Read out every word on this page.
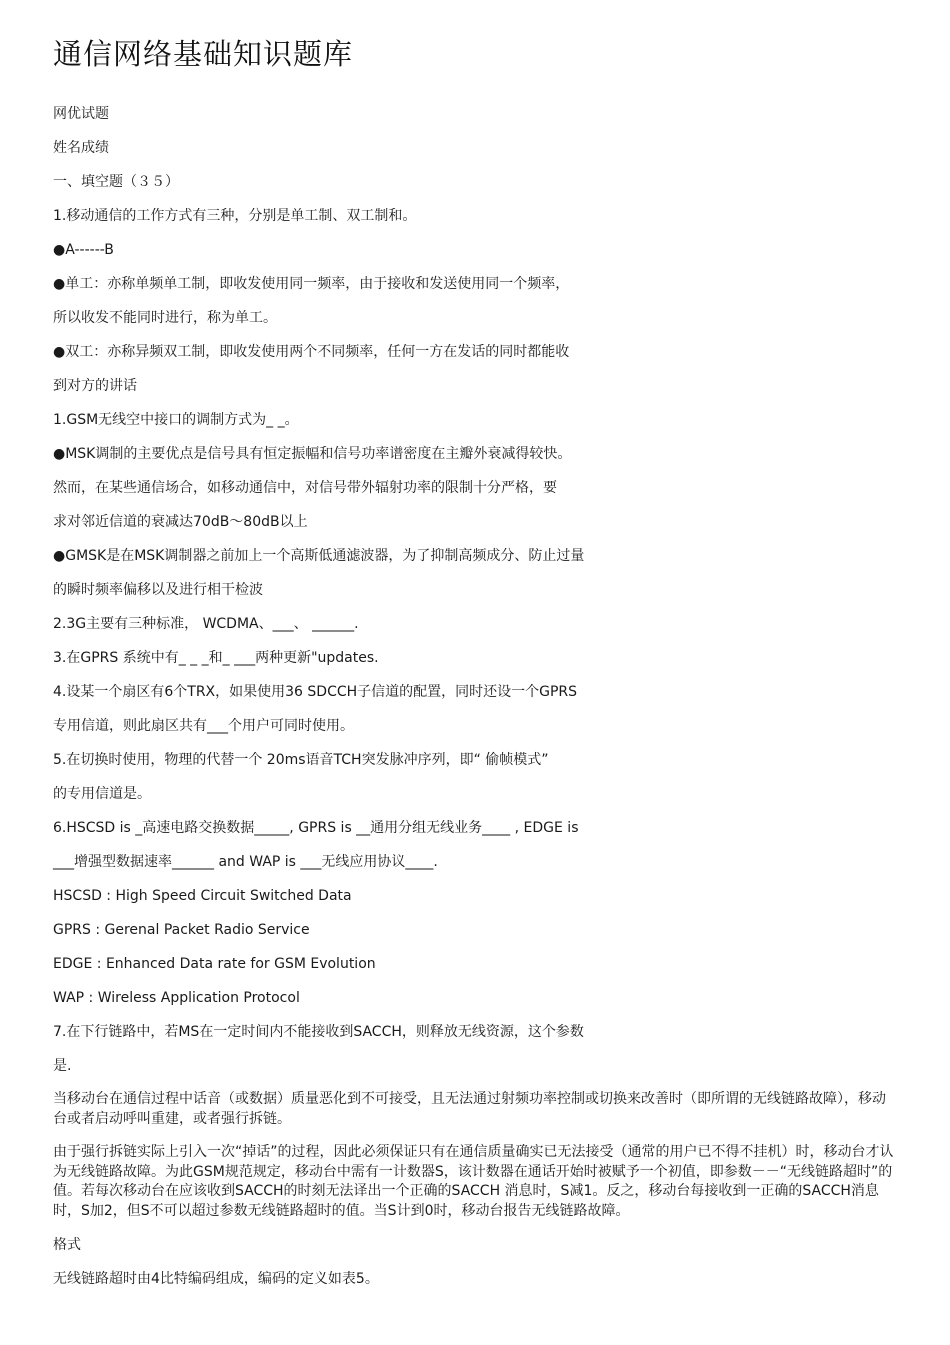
通信网络基础知识题库

网优试题

姓名成绩

一、填空题（３５）

1.移动通信的工作方式有三种，分别是单工制、双工制和。

●A------B

●单工：亦称单频单工制，即收发使用同一频率，由于接收和发送使用同一个频率，

所以收发不能同时进行，称为单工。

●双工：亦称异频双工制，即收发使用两个不同频率，任何一方在发话的同时都能收

到对方的讲话

1.GSM无线空中接口的调制方式为_ _。

●MSK调制的主要优点是信号具有恒定振幅和信号功率谱密度在主瓣外衰减得较快。

然而，在某些通信场合，如移动通信中，对信号带外辐射功率的限制十分严格，要

求对邻近信道的衰减达70dB～80dB以上

●GMSK是在MSK调制器之前加上一个高斯低通滤波器，为了抑制高频成分、防止过量

的瞬时频率偏移以及进行相干检波

2.3G主要有三种标准， WCDMA、___、 ______.

3.在GPRS 系统中有_ _ _和_ ___两种更新"updates.

4.设某一个扇区有6个TRX，如果使用36 SDCCH子信道的配置，同时还设一个GPRS

专用信道，则此扇区共有___个用户可同时使用。

5.在切换时使用，物理的代替一个 20ms语音TCH突发脉冲序列，即“ 偷帧模式”

的专用信道是。

6.HSCSD is _高速电路交换数据_____, GPRS is __通用分组无线业务____ , EDGE is

___增强型数据速率______ and WAP is ___无线应用协议____.

HSCSD : High Speed Circuit Switched Data

GPRS : Gerenal Packet Radio Service

EDGE : Enhanced Data rate for GSM Evolution

WAP : Wireless Application Protocol

7.在下行链路中，若MS在一定时间内不能接收到SACCH，则释放无线资源，这个参数

是.

当移动台在通信过程中话音（或数据）质量恶化到不可接受，且无法通过射频功率控制或切换来改善时（即所谓的无线链路故障），移动台或者启动呼叫重建，或者强行拆链。

由于强行拆链实际上引入一次“掉话”的过程，因此必须保证只有在通信质量确实已无法接受（通常的用户已不得不挂机）时，移动台才认为无线链路故障。为此GSM规范规定，移动台中需有一计数器S，该计数器在通话开始时被赋予一个初值，即参数－－“无线链路超时”的值。若每次移动台在应该收到SACCH的时刻无法译出一个正确的SACCH 消息时，S减1。反之，移动台每接收到一正确的SACCH消息时，S加2，但S不可以超过参数无线链路超时的值。当S计到0时，移动台报告无线链路故障。

格式

无线链路超时由4比特编码组成，编码的定义如表5。
